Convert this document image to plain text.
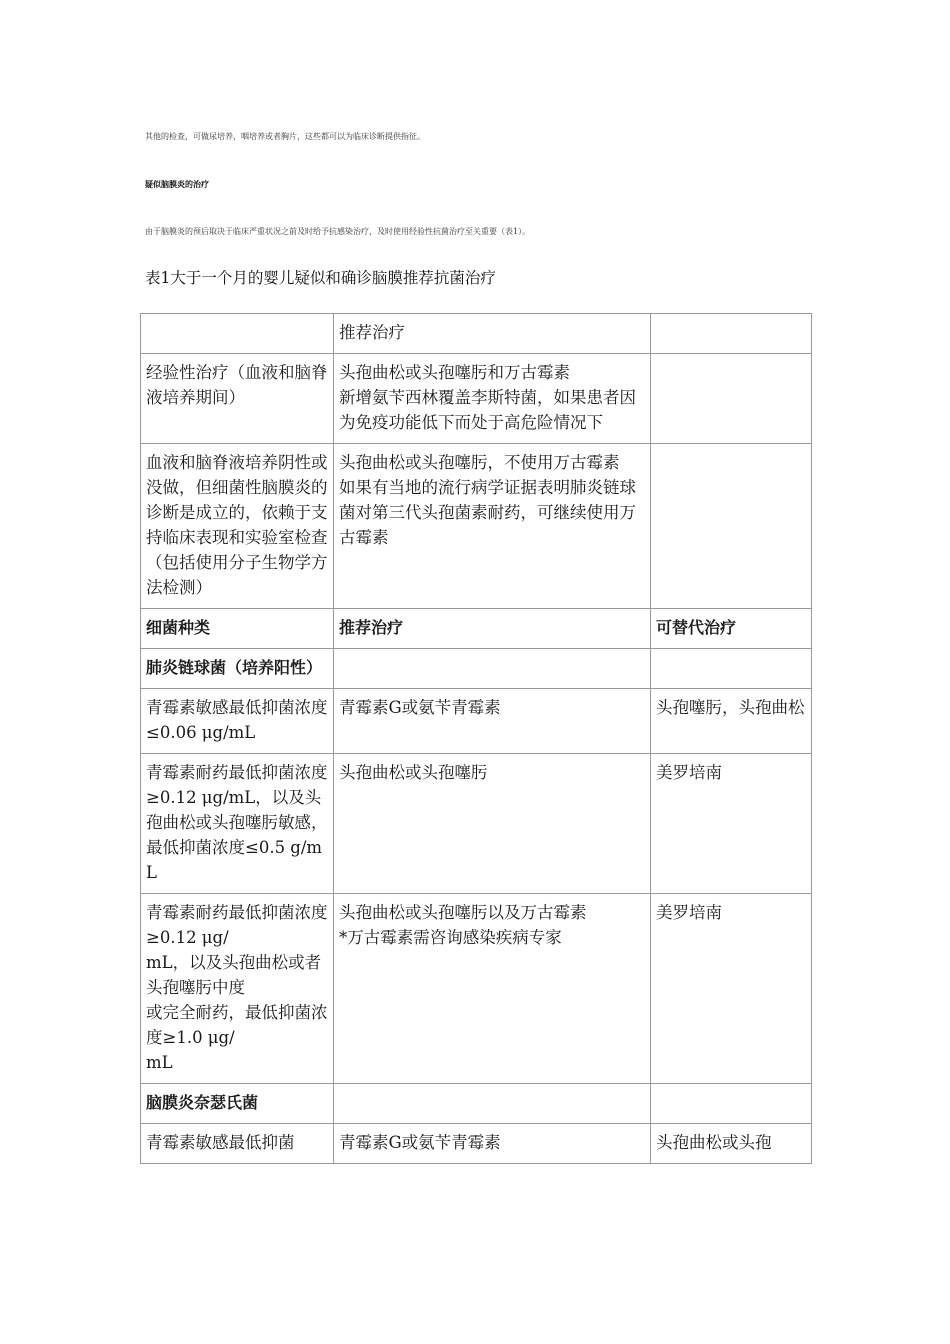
其他的检查，可做尿培养，咽培养或者胸片，这些都可以为临床诊断提供指征。
疑似脑膜炎的治疗
由于脑膜炎的预后取决于临床严重状况之前及时给予抗感染治疗，及时使用经验性抗菌治疗至关重要（表1）。
表1大于一个月的婴儿疑似和确诊脑膜推荐抗菌治疗
	推荐治疗	
经验性治疗（血液和脑脊液培养期间）	头孢曲松或头孢噻肟和万古霉素
新增氨苄西林覆盖李斯特菌，如果患者因为免疫功能低下而处于高危险情况下	

血液和脑脊液培养阴性或没做，但细菌性脑膜炎的诊断是成立的，依赖于支持临床表现和实验室检查（包括使用分子生物学方法检测）	头孢曲松或头孢噻肟，不使用万古霉素
如果有当地的流行病学证据表明肺炎链球菌对第三代头孢菌素耐药，可继续使用万古霉素	

细菌种类	推荐治疗	可替代治疗
肺炎链球菌（培养阳性）		
青霉素敏感最低抑菌浓度 ≤0.06 μg/mL	青霉素G或氨苄青霉素	头孢噻肟，头孢曲松
青霉素耐药最低抑菌浓度≥0.12 μg/mL，以及头孢曲松或头孢噻肟敏感，最低抑菌浓度≤0.5 g/mL	头孢曲松或头孢噻肟	美罗培南

青霉素耐药最低抑菌浓度 ≥0.12 μg/
mL，以及头孢曲松或者头孢噻肟中度
或完全耐药，最低抑菌浓度≥1.0 μg/
mL	头孢曲松或头孢噻肟以及万古霉素
*万古霉素需咨询感染疾病专家	美罗培南
脑膜炎奈瑟氏菌		
青霉素敏感最低抑菌	青霉素G或氨苄青霉素	头孢曲松或头孢
